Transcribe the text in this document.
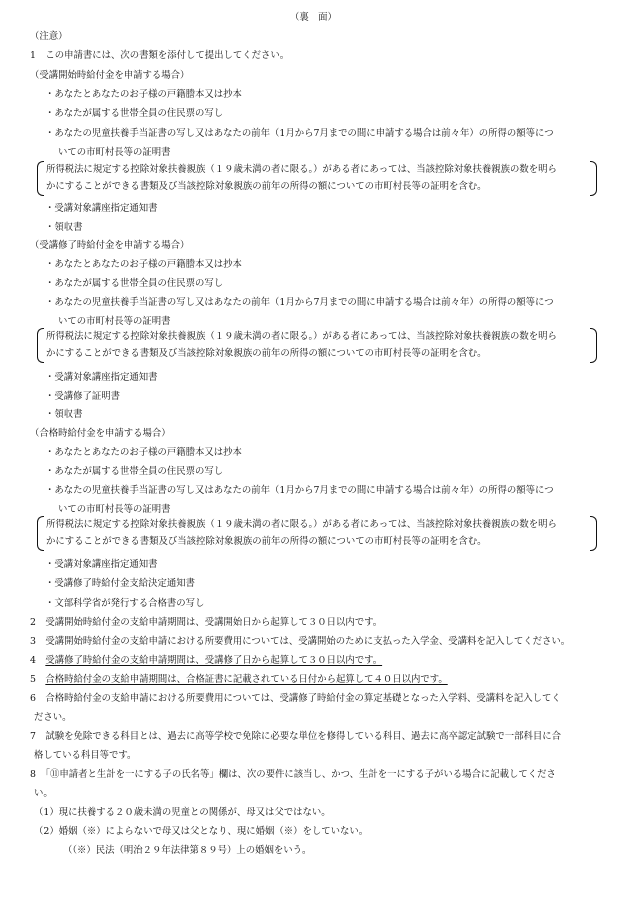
（裏　面）
（注意）
1　この申請書には、次の書類を添付して提出してください。
（受講開始時給付金を申請する場合）
・あなたとあなたのお子様の戸籍謄本又は抄本
・あなたが属する世帯全員の住民票の写し
・あなたの児童扶養手当証書の写し又はあなたの前年（1月から7月までの間に申請する場合は前々年）の所得の額等につ
いての市町村長等の証明書
所得税法に規定する控除対象扶養親族（１９歳未満の者に限る。）がある者にあっては、当該控除対象扶養親族の数を明ら
かにすることができる書類及び当該控除対象親族の前年の所得の額についての市町村長等の証明を含む。
・受講対象講座指定通知書
・領収書
（受講修了時給付金を申請する場合）
・あなたとあなたのお子様の戸籍謄本又は抄本
・あなたが属する世帯全員の住民票の写し
・あなたの児童扶養手当証書の写し又はあなたの前年（1月から7月までの間に申請する場合は前々年）の所得の額等につ
いての市町村長等の証明書
所得税法に規定する控除対象扶養親族（１９歳未満の者に限る。）がある者にあっては、当該控除対象扶養親族の数を明ら
かにすることができる書類及び当該控除対象親族の前年の所得の額についての市町村長等の証明を含む。
・受講対象講座指定通知書
・受講修了証明書
・領収書
（合格時給付金を申請する場合）
・あなたとあなたのお子様の戸籍謄本又は抄本
・あなたが属する世帯全員の住民票の写し
・あなたの児童扶養手当証書の写し又はあなたの前年（1月から7月までの間に申請する場合は前々年）の所得の額等につ
いての市町村長等の証明書
所得税法に規定する控除対象扶養親族（１９歳未満の者に限る。）がある者にあっては、当該控除対象扶養親族の数を明ら
かにすることができる書類及び当該控除対象親族の前年の所得の額についての市町村長等の証明を含む。
・受講対象講座指定通知書
・受講修了時給付金支給決定通知書
・文部科学省が発行する合格書の写し
2　受講開始時給付金の支給申請期間は、受講開始日から起算して３０日以内です。
3　受講開始時給付金の支給申請における所要費用については、受講開始のために支払った入学金、受講料を記入してください。
4　受講修了時給付金の支給申請期間は、受講修了日から起算して３０日以内です。
5　合格時給付金の支給申請期間は、合格証書に記載されている日付から起算して４０日以内です。
6　合格時給付金の支給申請における所要費用については、受講修了時給付金の算定基礎となった入学料、受講料を記入してく
ださい。
7　試験を免除できる科目とは、過去に高等学校で免除に必要な単位を修得している科目、過去に高卒認定試験で一部科目に合
格している科目等です。
8　「⑪申請者と生計を一にする子の氏名等」欄は、次の要件に該当し、かつ、生計を一にする子がいる場合に記載してくださ
い。
（1）現に扶養する２０歳未満の児童との関係が、母又は父ではない。
（2）婚姻（※）によらないで母又は父となり、現に婚姻（※）をしていない。
（（※）民法（明治２９年法律第８９号）上の婚姻をいう。
